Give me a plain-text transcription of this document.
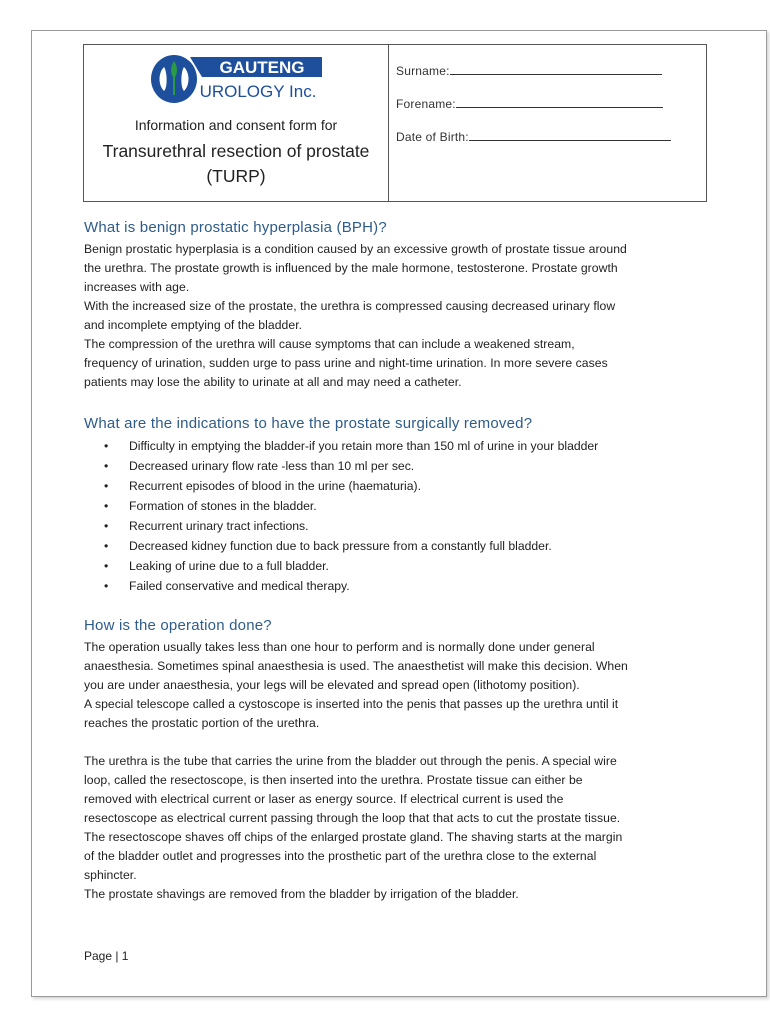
GAUTENG
UROLOGY Inc.
Information and consent form for
Transurethral resection of prostate
(TURP)
Surname:
Forename:
Date of Birth:
What is benign prostatic hyperplasia (BPH)?

Benign prostatic hyperplasia is a condition caused by an excessive growth of prostate tissue around
the urethra. The prostate growth is influenced by the male hormone, testosterone. Prostate growth
increases with age.
With the increased size of the prostate, the urethra is compressed causing decreased urinary flow
and incomplete emptying of the bladder.
The compression of the urethra will cause symptoms that can include a weakened stream,
frequency of urination, sudden urge to pass urine and night-time urination. In more severe cases
patients may lose the ability to urinate at all and may need a catheter.

What are the indications to have the prostate surgically removed?
• Difficulty in emptying the bladder-if you retain more than 150 ml of urine in your bladder
• Decreased urinary flow rate -less than 10 ml per sec.
• Recurrent episodes of blood in the urine (haematuria).
• Formation of stones in the bladder.
• Recurrent urinary tract infections.
• Decreased kidney function due to back pressure from a constantly full bladder.
• Leaking of urine due to a full bladder.
• Failed conservative and medical therapy.
How is the operation done?

The operation usually takes less than one hour to perform and is normally done under general
anaesthesia. Sometimes spinal anaesthesia is used. The anaesthetist will make this decision. When
you are under anaesthesia, your legs will be elevated and spread open (lithotomy position).
A special telescope called a cystoscope is inserted into the penis that passes up the urethra until it
reaches the prostatic portion of the urethra.

The urethra is the tube that carries the urine from the bladder out through the penis. A special wire
loop, called the resectoscope, is then inserted into the urethra. Prostate tissue can either be
removed with electrical current or laser as energy source. If electrical current is used the
resectoscope as electrical current passing through the loop that that acts to cut the prostate tissue.
The resectoscope shaves off chips of the enlarged prostate gland. The shaving starts at the margin
of the bladder outlet and progresses into the prosthetic part of the urethra close to the external
sphincter.
The prostate shavings are removed from the bladder by irrigation of the bladder.

Page | 1
